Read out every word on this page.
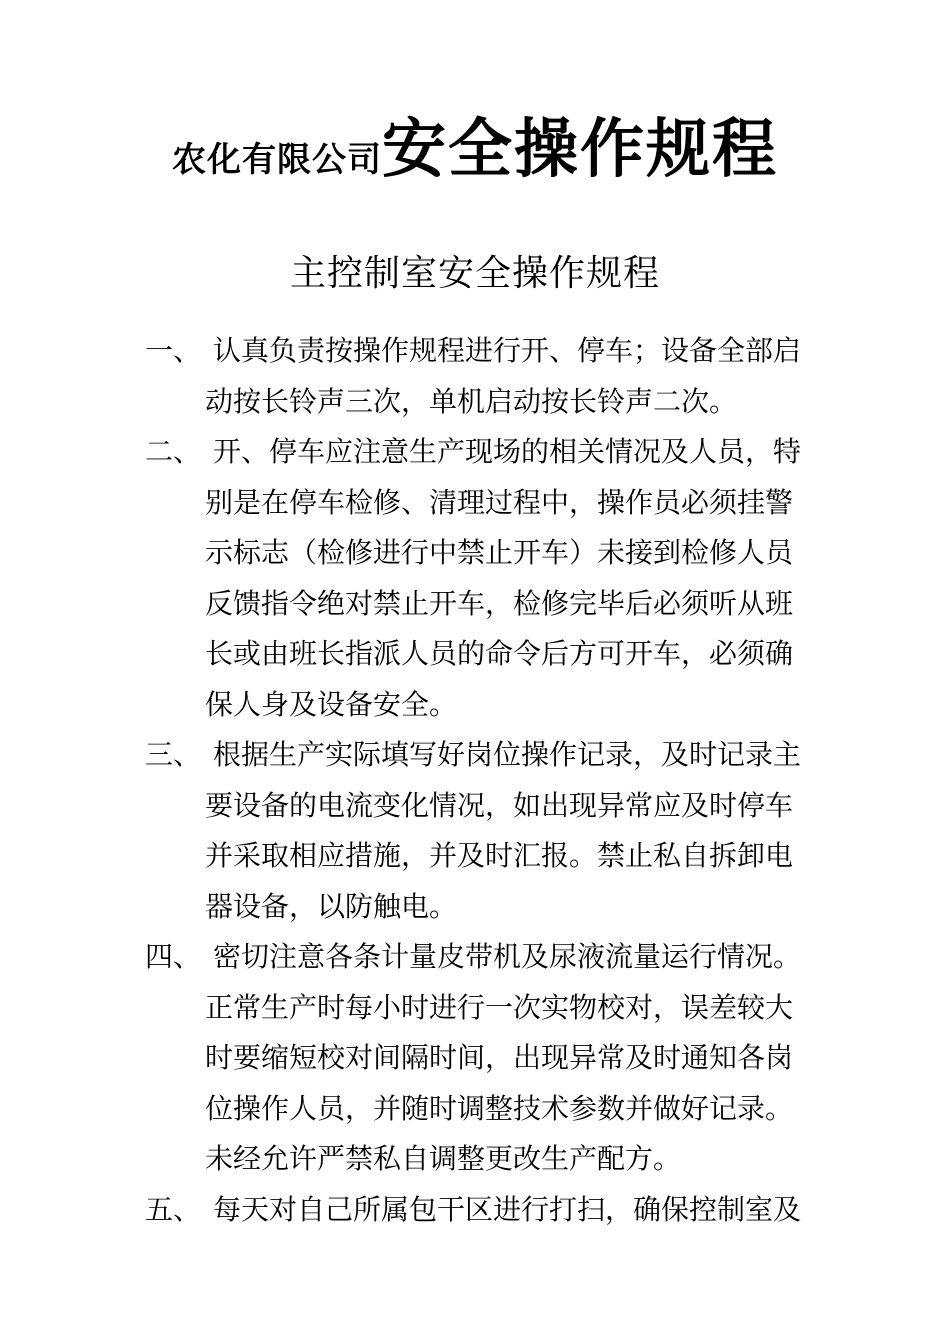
农化有限公司安全操作规程
主控制室安全操作规程
一、 认真负责按操作规程进行开、停车；设备全部启
动按长铃声三次，单机启动按长铃声二次。
二、 开、停车应注意生产现场的相关情况及人员，特
别是在停车检修、清理过程中，操作员必须挂警
示标志（检修进行中禁止开车）未接到检修人员
反馈指令绝对禁止开车，检修完毕后必须听从班
长或由班长指派人员的命令后方可开车，必须确
保人身及设备安全。
三、 根据生产实际填写好岗位操作记录，及时记录主
要设备的电流变化情况，如出现异常应及时停车
并采取相应措施，并及时汇报。禁止私自拆卸电
器设备，以防触电。
四、 密切注意各条计量皮带机及尿液流量运行情况。
正常生产时每小时进行一次实物校对，误差较大
时要缩短校对间隔时间，出现异常及时通知各岗
位操作人员，并随时调整技术参数并做好记录。
未经允许严禁私自调整更改生产配方。
五、 每天对自己所属包干区进行打扫，确保控制室及
